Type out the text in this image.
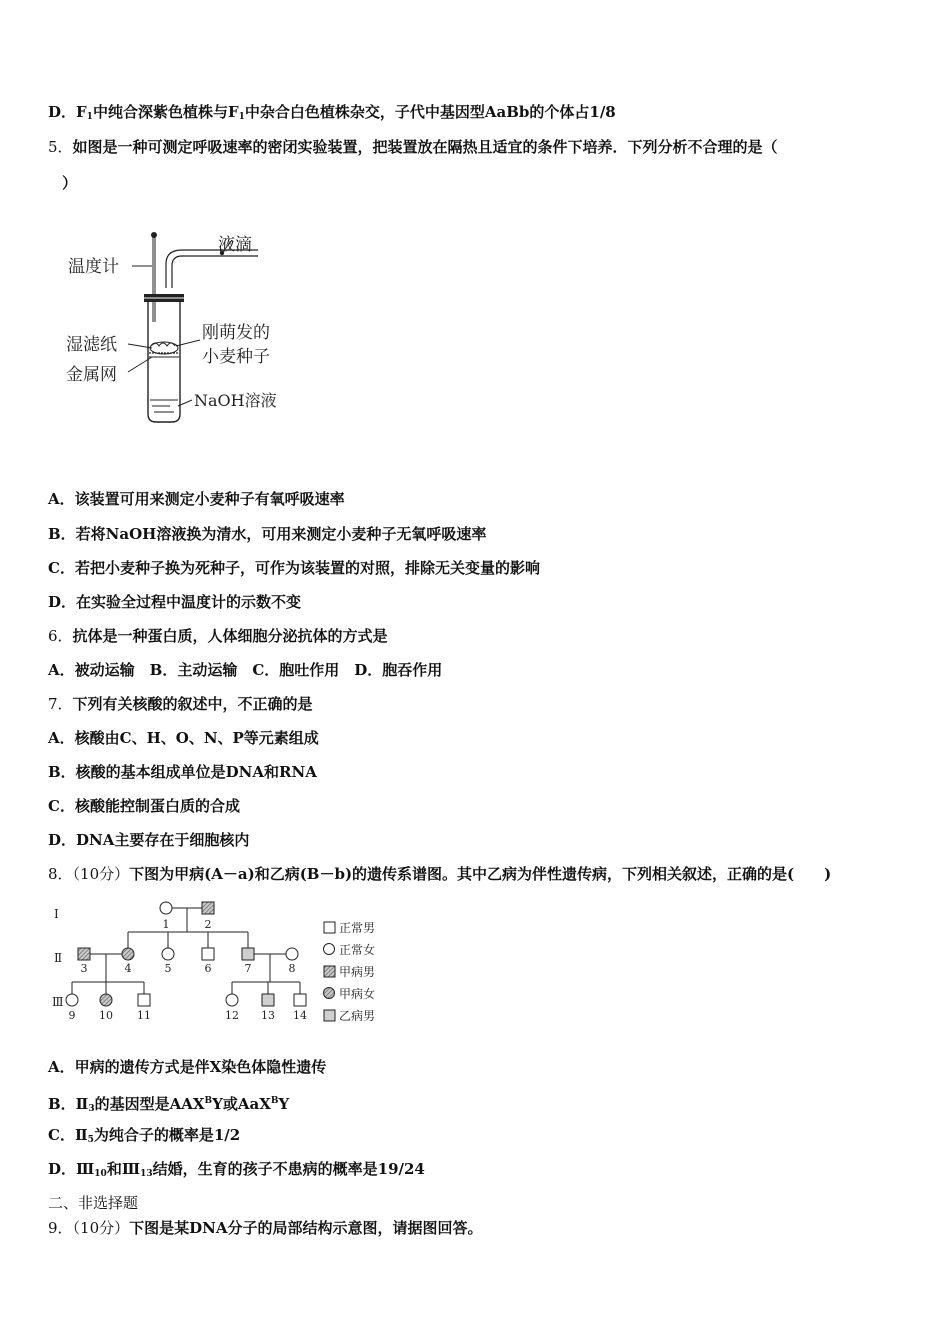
D．$F_1$中纯合深紫色植株与$F_1$中杂合白色植株杂交，子代中基因型AaBb的个体占1/8
5．如图是一种可测定呼吸速率的密闭实验装置，把装置放在隔热且适宜的条件下培养．下列分析不合理的是（
）
温度计
液滴
湿滤纸
刚萌发的
小麦种子
金属网
NaOH溶液
A．该装置可用来测定小麦种子有氧呼吸速率
B．若将NaOH溶液换为清水，可用来测定小麦种子无氧呼吸速率
C．若把小麦种子换为死种子，可作为该装置的对照，排除无关变量的影响
D．在实验全过程中温度计的示数不变
6．抗体是一种蛋白质，人体细胞分泌抗体的方式是
A．被动运输　B．主动运输　C．胞吐作用　D．胞吞作用
7．下列有关核酸的叙述中，不正确的是
A．核酸由C、H、O、N、P等元素组成
B．核酸的基本组成单位是DNA和RNA
C．核酸能控制蛋白质的合成
D．DNA主要存在于细胞核内
8．（10分）下图为甲病(A－a)和乙病(B－b)的遗传系谱图。其中乙病为伴性遗传病，下列相关叙述，正确的是(　　)
Ⅰ
Ⅱ
Ⅲ
1	2
3	4	5	6	7	8
9 10 11	12 13 14
正常男
正常女
甲病男
甲病女
乙病男
A．甲病的遗传方式是伴X染色体隐性遗传
B．$Ⅱ_3$的基因型是$AAX^BY$或AaX$^B$Y
C．$Ⅱ_5$为纯合子的概率是1/2
D．$Ⅲ_{10}$和$Ⅲ_{13}$结婚，生育的孩子不患病的概率是19/24
二、非选择题
9．（10分）下图是某DNA分子的局部结构示意图，请据图回答。
